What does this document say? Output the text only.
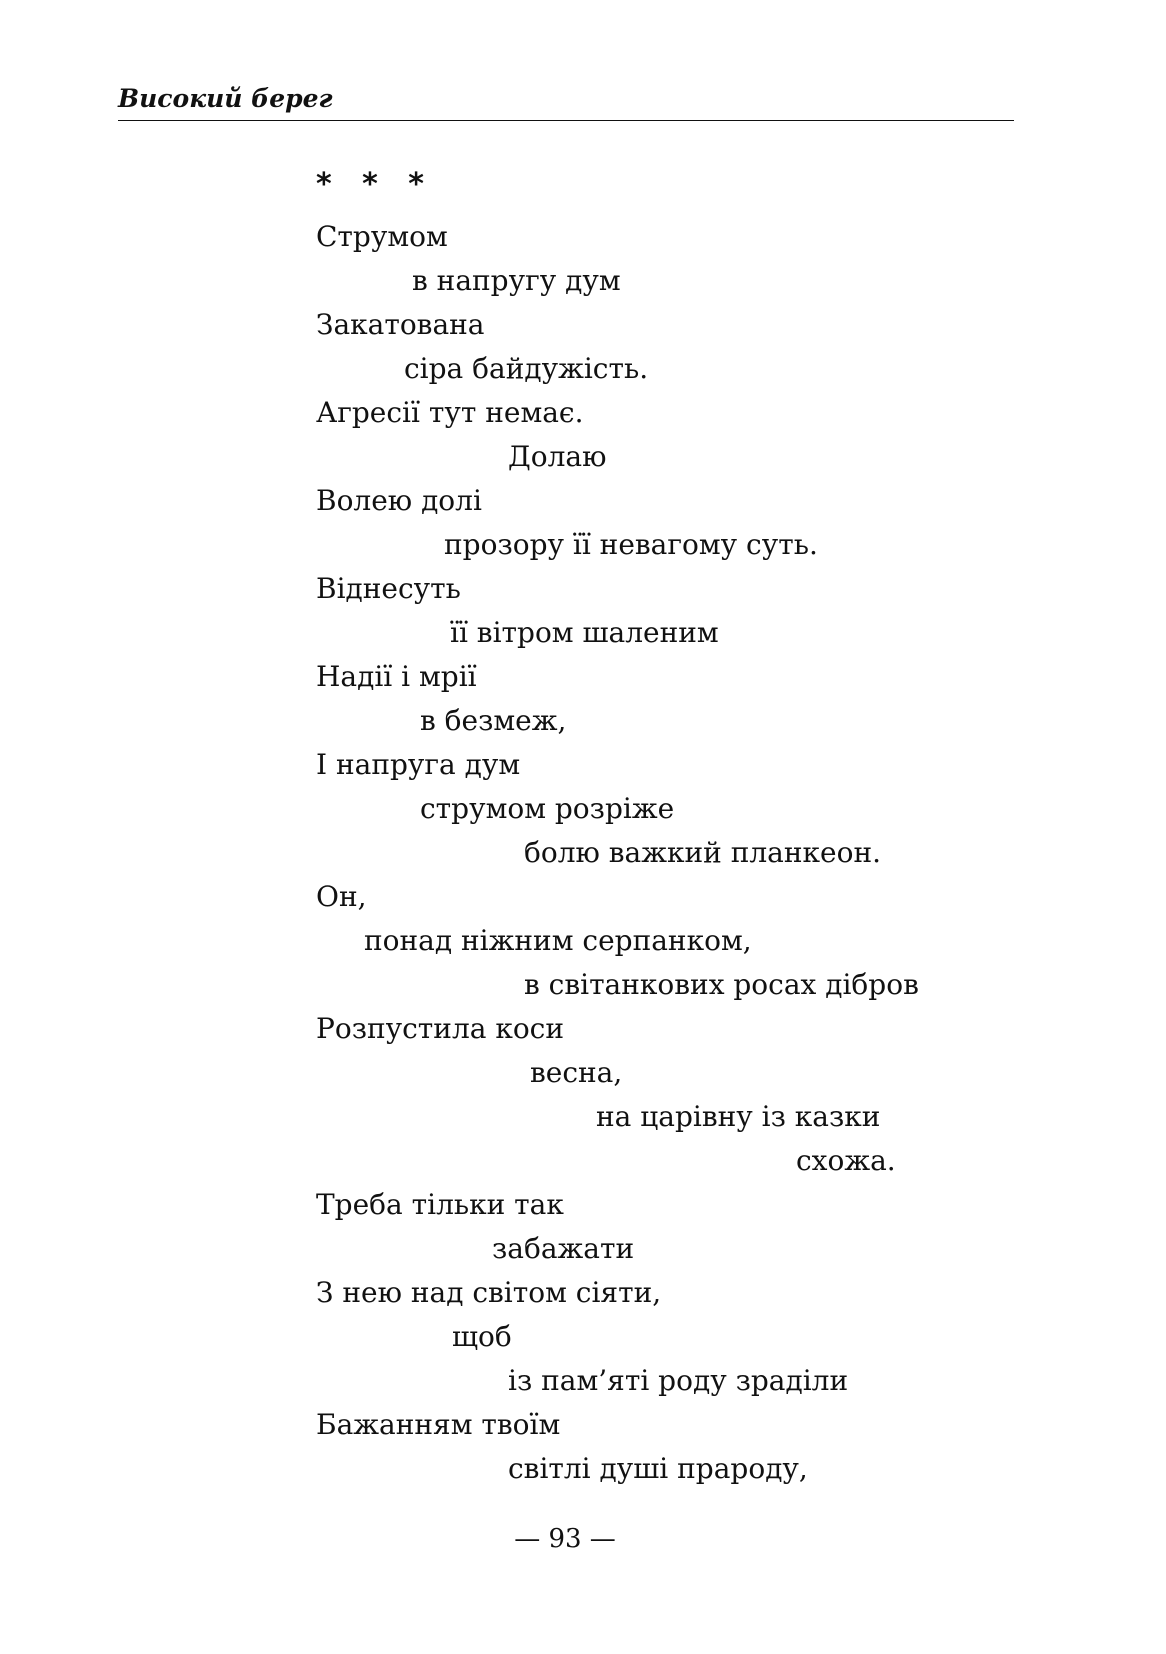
Високий берег
* * *
Струмом
в напругу дум
Закатована
сіра байдужість.
Агресії тут немає.
Долаю
Волею долі
прозору її невагому суть.
Віднесуть
її вітром шаленим
Надії і мрії
в безмеж,
І напруга дум
струмом розріже
болю важкий планкеон.
Он,
понад ніжним серпанком,
в світанкових росах дібров
Розпустила коси
весна,
на царівну із казки
схожа.
Треба тільки так
забажати
З нею над світом сіяти,
щоб
із пам’яті роду зраділи
Бажанням твоїм
світлі душі прароду,
— 93 —
